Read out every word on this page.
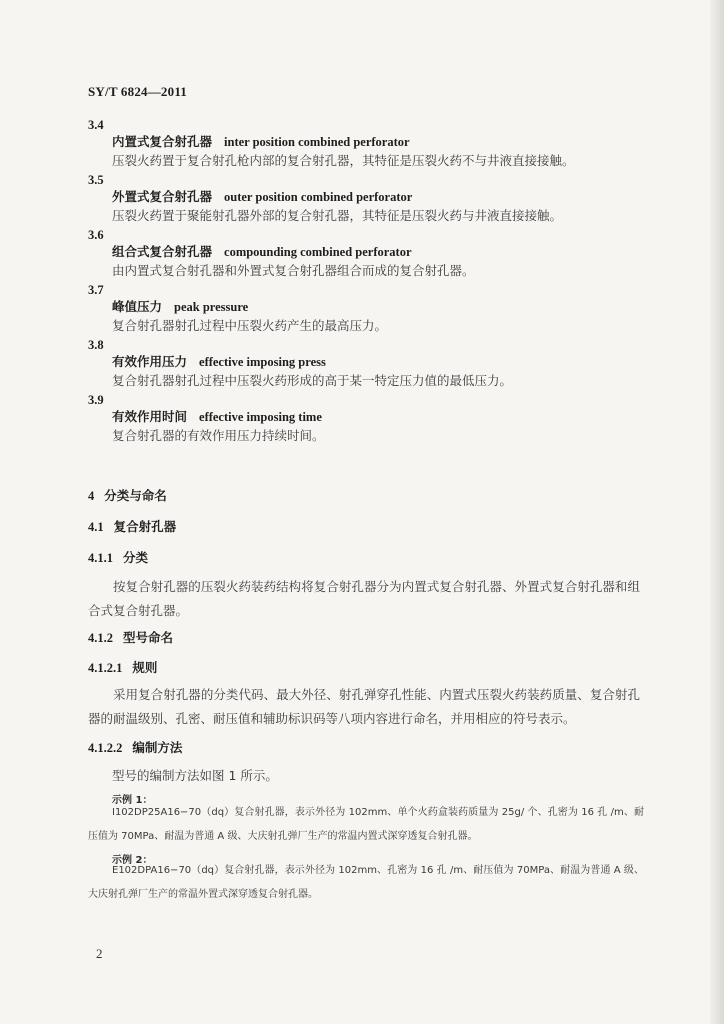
SY/T 6824—2011
3.4
内置式复合射孔器 inter position combined perforator
压裂火药置于复合射孔枪内部的复合射孔器，其特征是压裂火药不与井液直接接触。
3.5
外置式复合射孔器 outer position combined perforator
压裂火药置于聚能射孔器外部的复合射孔器，其特征是压裂火药与井液直接接触。
3.6
组合式复合射孔器 compounding combined perforator
由内置式复合射孔器和外置式复合射孔器组合而成的复合射孔器。
3.7
峰值压力 peak pressure
复合射孔器射孔过程中压裂火药产生的最高压力。
3.8
有效作用压力 effective imposing press
复合射孔器射孔过程中压裂火药形成的高于某一特定压力值的最低压力。
3.9
有效作用时间 effective imposing time
复合射孔器的有效作用压力持续时间。
4 分类与命名
4.1 复合射孔器
4.1.1 分类
按复合射孔器的压裂火药装药结构将复合射孔器分为内置式复合射孔器、外置式复合射孔器和组合式复合射孔器。
4.1.2 型号命名
4.1.2.1 规则
采用复合射孔器的分类代码、最大外径、射孔弹穿孔性能、内置式压裂火药装药质量、复合射孔器的耐温级别、孔密、耐压值和辅助标识码等八项内容进行命名，并用相应的符号表示。
4.1.2.2 编制方法
型号的编制方法如图 1 所示。
示例 1：
I102DP25A16−70（dq）复合射孔器，表示外径为 102mm、单个火药盒装药质量为 25g/ 个、孔密为 16 孔 /m、耐压值为 70MPa、耐温为普通 A 级、大庆射孔弹厂生产的常温内置式深穿透复合射孔器。
示例 2：
E102DPA16−70（dq）复合射孔器，表示外径为 102mm、孔密为 16 孔 /m、耐压值为 70MPa、耐温为普通 A 级、大庆射孔弹厂生产的常温外置式深穿透复合射孔器。
2
